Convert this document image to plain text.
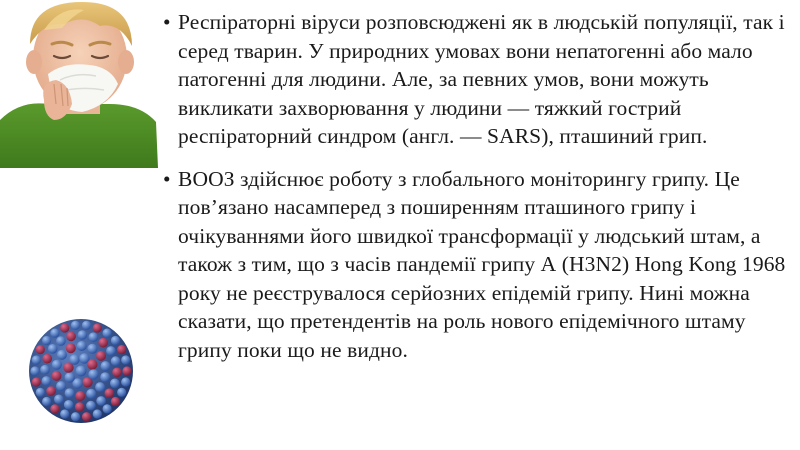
• Респіраторні віруси розповсюджені як в людській популяції, так і серед тварин. У природних умовах вони непатогенні або мало патогенні для людини. Але, за певних умов, вони можуть викликати захворювання у людини — тяжкий гострий респіраторний синдром (англ. — SARS), пташиний грип.
• ВООЗ здійснює роботу з глобального моніторингу грипу. Це пов’язано насамперед з поширенням пташиного грипу і очікуваннями його швидкої трансформації у людський штам, а також з тим, що з часів пандемії грипу А (H3N2) Hong Kong 1968 року не реєструвалося серйозних епідемій грипу. Нині можна сказати, що претендентів на роль нового епідемічного штаму грипу поки що не видно.
